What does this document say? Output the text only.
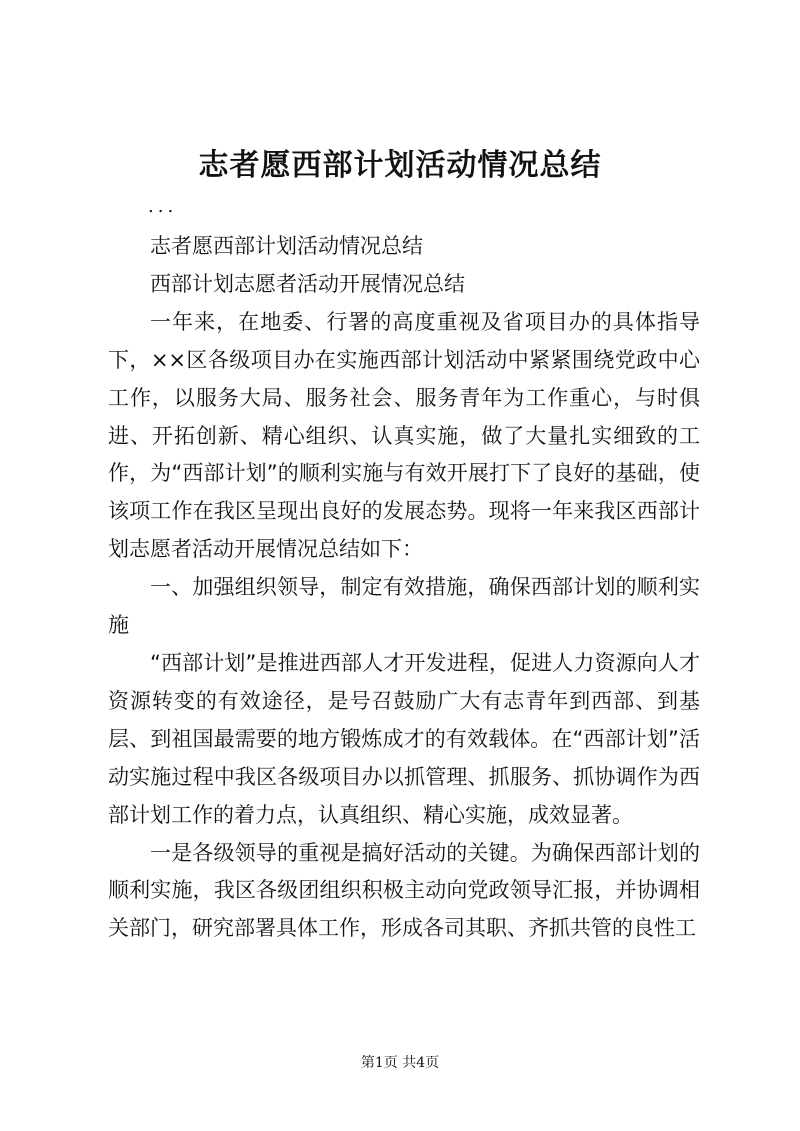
志者愿西部计划活动情况总结
...

志者愿西部计划活动情况总结

西部计划志愿者活动开展情况总结

一年来，在地委、行署的高度重视及省项目办的具体指导下，××区各级项目办在实施西部计划活动中紧紧围绕党政中心工作，以服务大局、服务社会、服务青年为工作重心，与时俱进、开拓创新、精心组织、认真实施，做了大量扎实细致的工作，为“西部计划”的顺利实施与有效开展打下了良好的基础，使该项工作在我区呈现出良好的发展态势。现将一年来我区西部计划志愿者活动开展情况总结如下：

一、加强组织领导，制定有效措施，确保西部计划的顺利实施

“西部计划”是推进西部人才开发进程，促进人力资源向人才资源转变的有效途径，是号召鼓励广大有志青年到西部、到基层、到祖国最需要的地方锻炼成才的有效载体。在“西部计划”活动实施过程中我区各级项目办以抓管理、抓服务、抓协调作为西部计划工作的着力点，认真组织、精心实施，成效显著。

一是各级领导的重视是搞好活动的关键。为确保西部计划的顺利实施，我区各级团组织积极主动向党政领导汇报，并协调相关部门，研究部署具体工作，形成各司其职、齐抓共管的良性工

第1页 共4页
